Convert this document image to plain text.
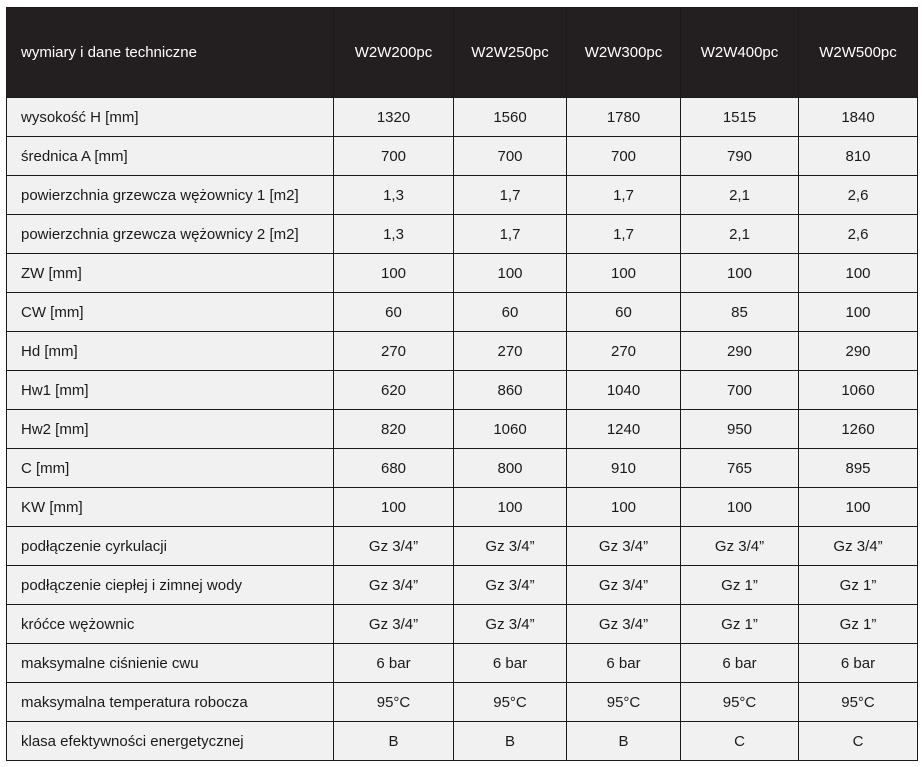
wymiary i dane techniczne	W2W200pc	W2W250pc	W2W300pc	W2W400pc	W2W500pc
wysokość H [mm]	1320	1560	1780	1515	1840
średnica A [mm]	700	700	700	790	810
powierzchnia grzewcza wężownicy 1 [m2]	1,3	1,7	1,7	2,1	2,6
powierzchnia grzewcza wężownicy 2 [m2]	1,3	1,7	1,7	2,1	2,6
ZW [mm]	100	100	100	100	100
CW [mm]	60	60	60	85	100
Hd [mm]	270	270	270	290	290
Hw1 [mm]	620	860	1040	700	1060
Hw2 [mm]	820	1060	1240	950	1260
C [mm]	680	800	910	765	895
KW [mm]	100	100	100	100	100
podłączenie cyrkulacji	Gz 3/4”	Gz 3/4”	Gz 3/4”	Gz 3/4”	Gz 3/4”
podłączenie ciepłej i zimnej wody	Gz 3/4”	Gz 3/4”	Gz 3/4”	Gz 1”	Gz 1”
króćce wężownic	Gz 3/4”	Gz 3/4”	Gz 3/4”	Gz 1”	Gz 1”
maksymalne ciśnienie cwu	6 bar	6 bar	6 bar	6 bar	6 bar
maksymalna temperatura robocza	95°C	95°C	95°C	95°C	95°C
klasa efektywności energetycznej	B	B	B	C	C
